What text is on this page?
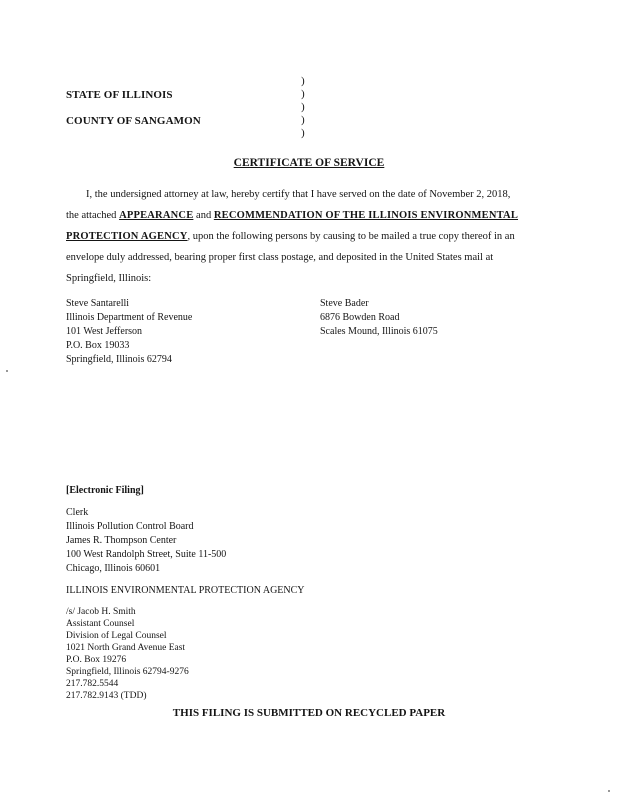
STATE OF ILLINOIS
COUNTY OF SANGAMON
)
)
)
)
)
CERTIFICATE OF SERVICE
I, the undersigned attorney at law, hereby certify that I have served on the date of November 2, 2018,
the attached APPEARANCE and RECOMMENDATION OF THE ILLINOIS ENVIRONMENTAL
PROTECTION AGENCY, upon the following persons by causing to be mailed a true copy thereof in an
envelope duly addressed, bearing proper first class postage, and deposited in the United States mail at
Springfield, Illinois:
Steve Santarelli
Illinois Department of Revenue
101 West Jefferson
P.O. Box 19033
Springfield, Illinois 62794
Steve Bader
6876 Bowden Road
Scales Mound, Illinois 61075
[Electronic Filing]
Clerk
Illinois Pollution Control Board
James R. Thompson Center
100 West Randolph Street, Suite 11-500
Chicago, Illinois 60601
ILLINOIS ENVIRONMENTAL PROTECTION AGENCY
/s/ Jacob H. Smith
Assistant Counsel
Division of Legal Counsel
1021 North Grand Avenue East
P.O. Box 19276
Springfield, Illinois 62794-9276
217.782.5544
217.782.9143 (TDD)
THIS FILING IS SUBMITTED ON RECYCLED PAPER
